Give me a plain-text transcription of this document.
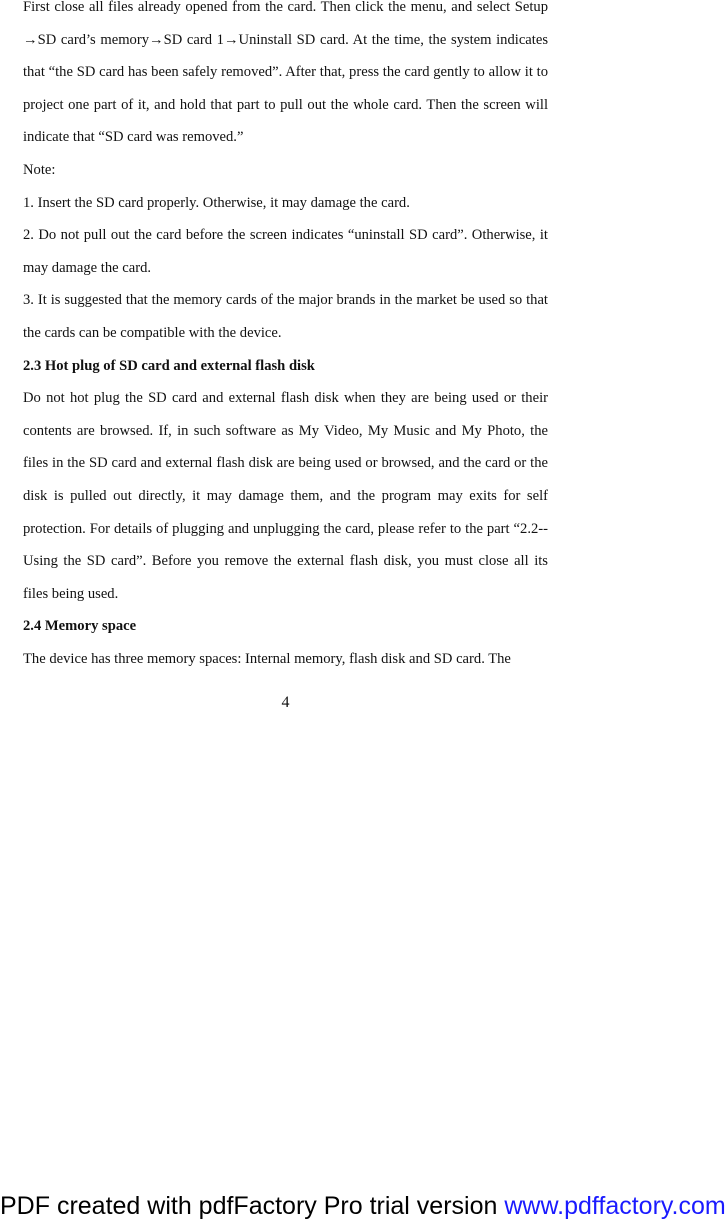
First close all files already opened from the card. Then click the menu, and select Setup →SD card’s memory→SD card 1→Uninstall SD card. At the time, the system indicates that “the SD card has been safely removed”. After that, press the card gently to allow it to project one part of it, and hold that part to pull out the whole card. Then the screen will indicate that “SD card was removed.”

Note:

1. Insert the SD card properly. Otherwise, it may damage the card.

2. Do not pull out the card before the screen indicates “uninstall SD card”. Otherwise, it may damage the card.

3. It is suggested that the memory cards of the major brands in the market be used so that the cards can be compatible with the device.

2.3 Hot plug of SD card and external flash disk

Do not hot plug the SD card and external flash disk when they are being used or their contents are browsed. If, in such software as My Video, My Music and My Photo, the files in the SD card and external flash disk are being used or browsed, and the card or the disk is pulled out directly, it may damage them, and the program may exits for self protection. For details of plugging and unplugging the card, please refer to the part “2.2--Using the SD card”. Before you remove the external flash disk, you must close all its files being used.

2.4 Memory space

The device has three memory spaces: Internal memory, flash disk and SD card. The

4
PDF created with pdfFactory Pro trial version www.pdffactory.com
